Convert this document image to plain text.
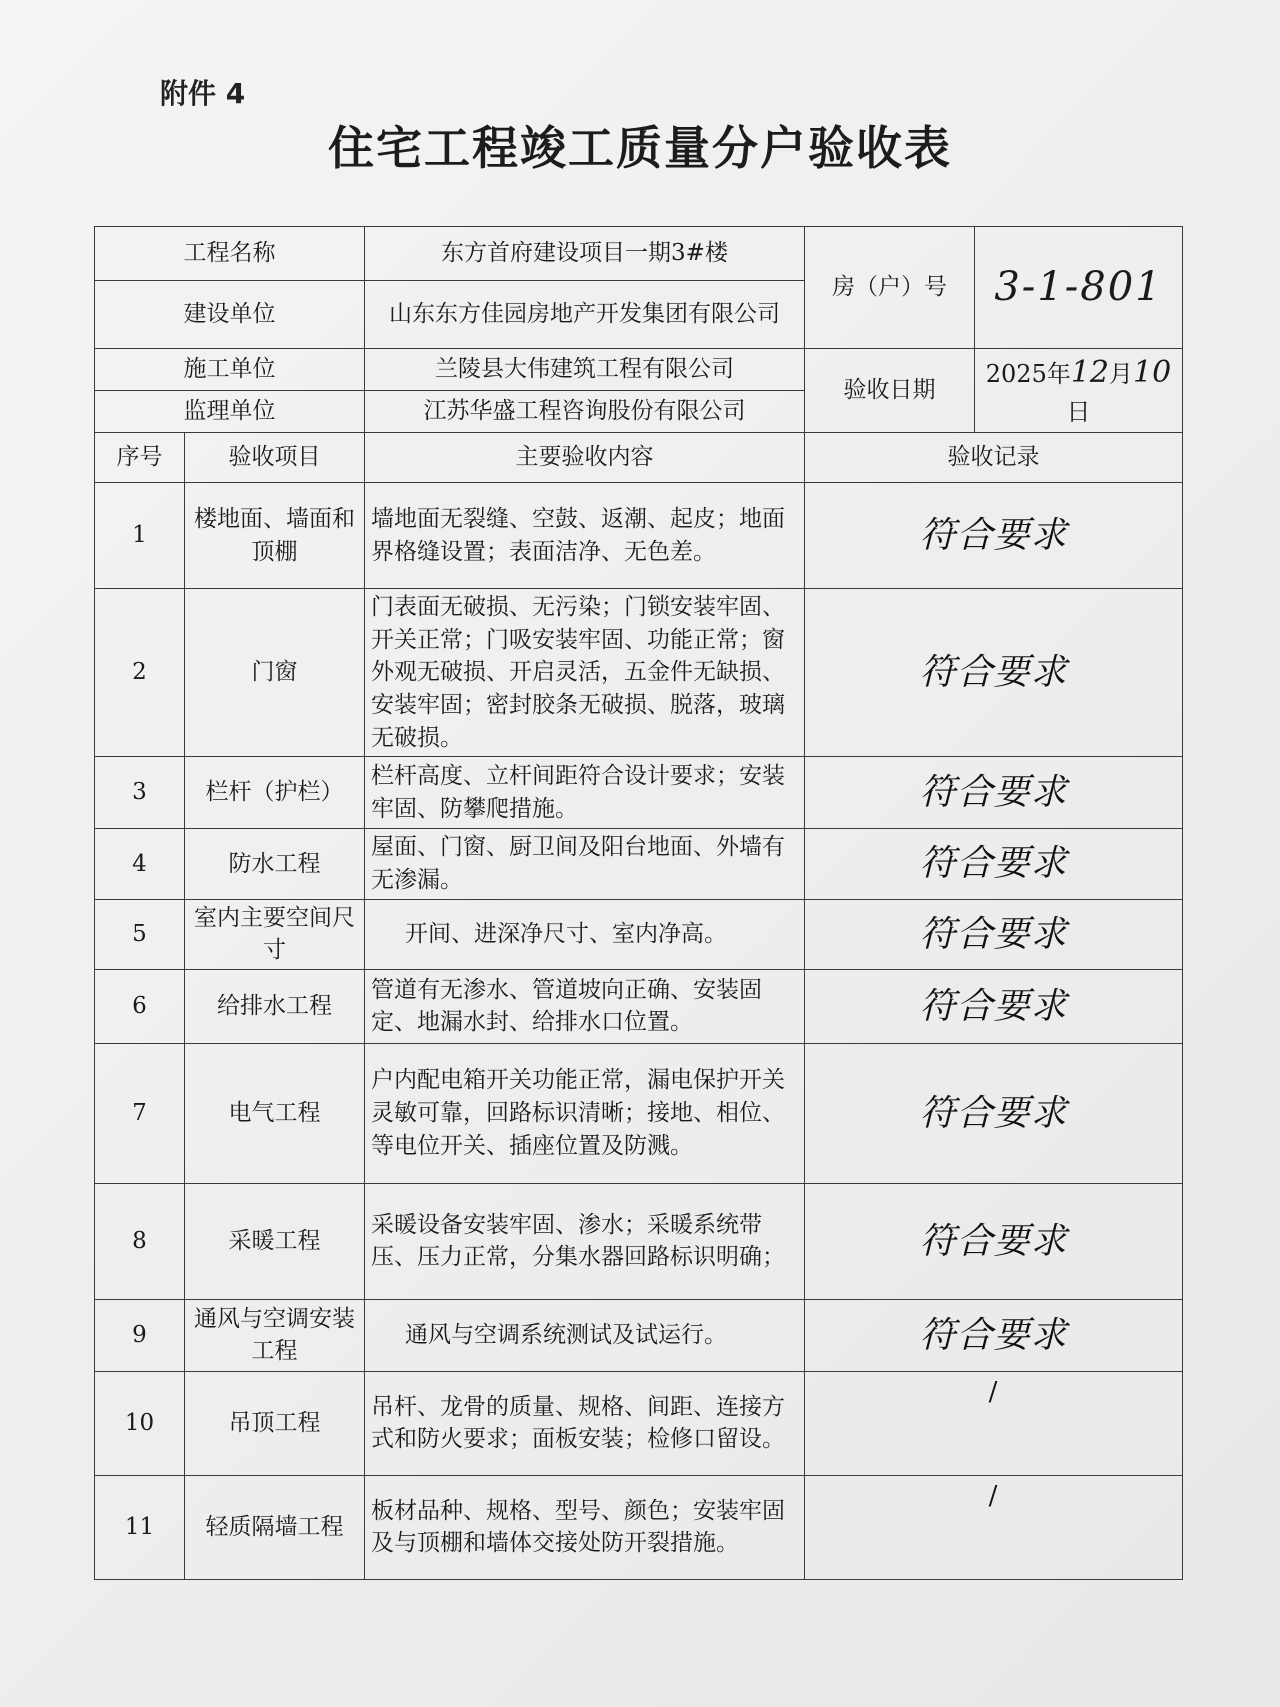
附件 4
住宅工程竣工质量分户验收表
工程名称		东方首府建设项目一期3#楼	房（户）号	3-1-801
建设单位		山东东方佳园房地产开发集团有限公司		
施工单位		兰陵县大伟建筑工程有限公司	验收日期	2025年12月10日
监理单位		江苏华盛工程咨询股份有限公司		
序号	验收项目	主要验收内容	验收记录	
1	楼地面、墙面和顶棚	墙地面无裂缝、空鼓、返潮、起皮；地面界格缝设置；表面洁净、无色差。	符合要求	
2	门窗	门表面无破损、无污染；门锁安装牢固、开关正常；门吸安装牢固、功能正常；窗外观无破损、开启灵活，五金件无缺损、 安装牢固；密封胶条无破损、脱落，玻璃无破损。	符合要求	
3	栏杆（护栏）	栏杆高度、立杆间距符合设计要求；安装牢固、防攀爬措施。	符合要求	
4	防水工程	屋面、门窗、厨卫间及阳台地面、外墙有无渗漏。	符合要求	
5	室内主要空间尺寸	开间、进深净尺寸、室内净高。	符合要求	
6	给排水工程	管道有无渗水、管道坡向正确、安装固定、地漏水封、给排水口位置。	符合要求	
7	电气工程	户内配电箱开关功能正常，漏电保护开关灵敏可靠，回路标识清晰；接地、相位、等电位开关、插座位置及防溅。	符合要求	
8	采暖工程	采暖设备安装牢固、渗水；采暖系统带压、压力正常，分集水器回路标识明确；	符合要求	
9	通风与空调安装工程	通风与空调系统测试及试运行。	符合要求	
10	吊顶工程	吊杆、龙骨的质量、规格、间距、连接方式和防火要求；面板安装；检修口留设。	/	
11	轻质隔墙工程	板材品种、规格、型号、颜色；安装牢固及与顶棚和墙体交接处防开裂措施。	/	
